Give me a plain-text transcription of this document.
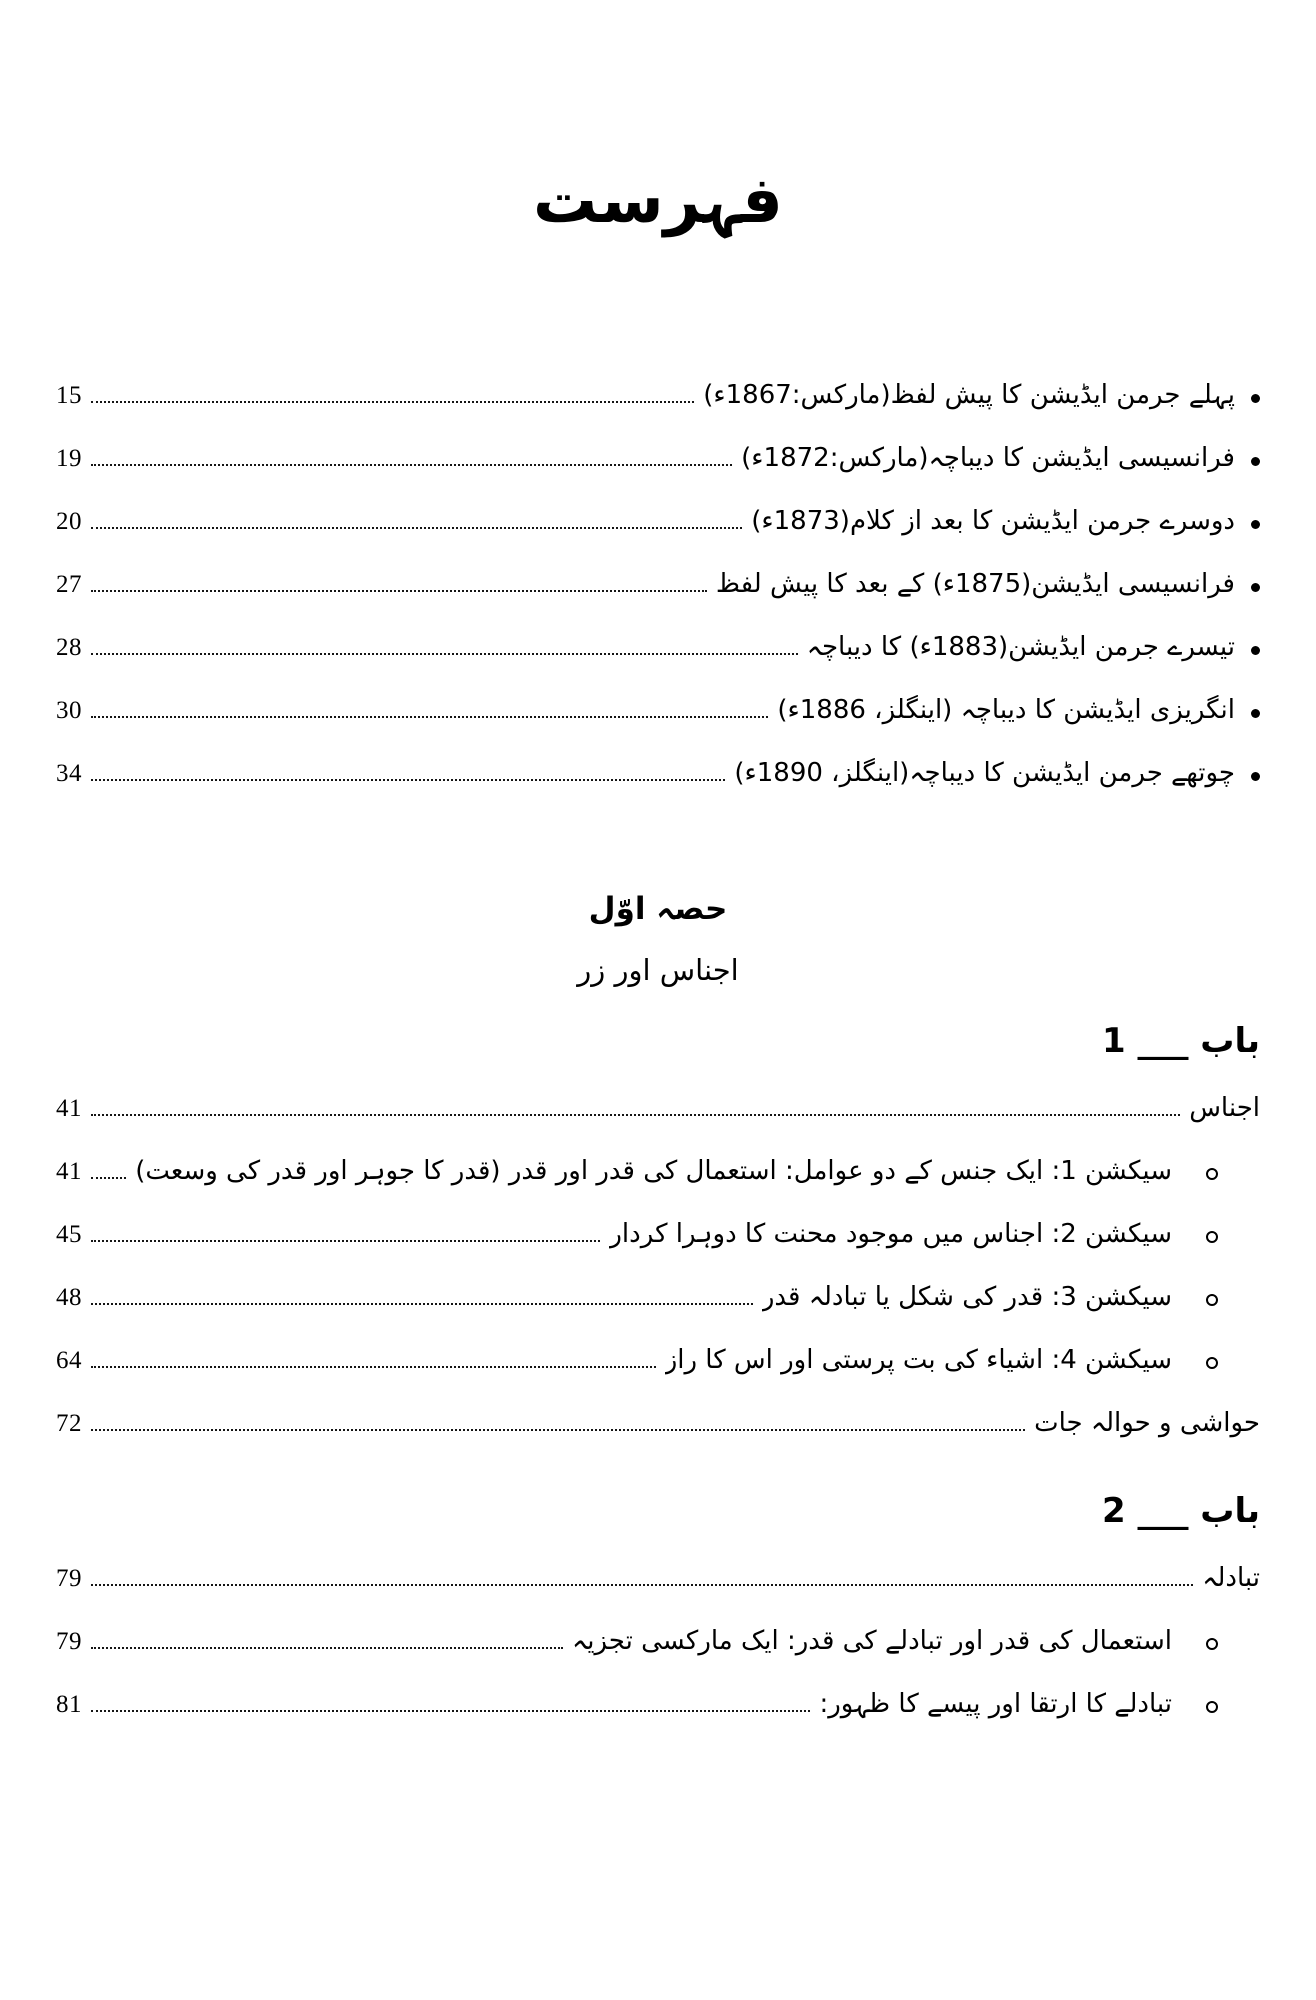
فہرست
پہلے جرمن ایڈیشن کا پیش لفظ(مارکس:1867ء)
15
فرانسیسی ایڈیشن کا دیباچہ(مارکس:1872ء)
19
دوسرے جرمن ایڈیشن کا بعد از کلام(1873ء)
20
فرانسیسی ایڈیشن(1875ء) کے بعد کا پیش لفظ
27
تیسرے جرمن ایڈیشن(1883ء) کا دیباچہ
28
انگریزی ایڈیشن کا دیباچہ (اینگلز، 1886ء)
30
چوتھے جرمن ایڈیشن کا دیباچہ(اینگلز، 1890ء)
34
حصہ اوّل
اجناس اور زر
باب ___ 1
اجناس
41
سیکشن 1: ایک جنس کے دو عوامل: استعمال کی قدر اور قدر (قدر کا جوہر اور قدر کی وسعت)
41
سیکشن 2: اجناس میں موجود محنت کا دوہرا کردار
45
سیکشن 3: قدر کی شکل یا تبادلہ قدر
48
سیکشن 4: اشیاء کی بت پرستی اور اس کا راز
64
حواشی و حوالہ جات
72
باب ___ 2
تبادلہ
79
استعمال کی قدر اور تبادلے کی قدر: ایک مارکسی تجزیہ
79
تبادلے کا ارتقا اور پیسے کا ظہور:
81
